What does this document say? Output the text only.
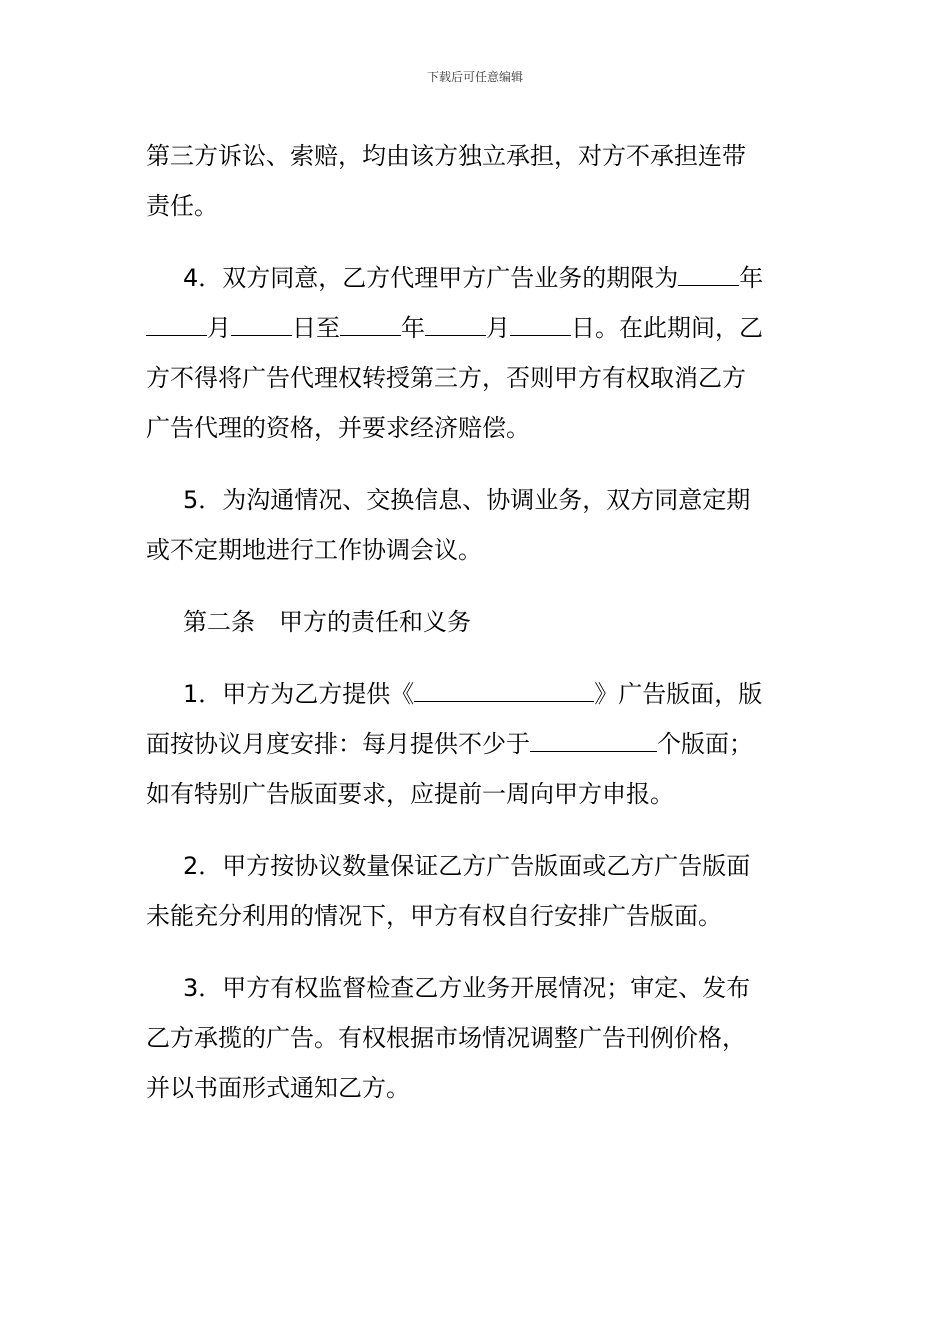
下载后可任意编辑
第三方诉讼、索赔，均由该方独立承担，对方不承担连带
责任。
4．双方同意，乙方代理甲方广告业务的期限为	年
月	日至	年	月	日。在此期间，乙
方不得将广告代理权转授第三方，否则甲方有权取消乙方
广告代理的资格，并要求经济赔偿。
5．为沟通情况、交换信息、协调业务，双方同意定期
或不定期地进行工作协调会议。
第二条　甲方的责任和义务
1．甲方为乙方提供《	》广告版面，版
面按协议月度安排：每月提供不少于	个版面；
如有特别广告版面要求，应提前一周向甲方申报。
2．甲方按协议数量保证乙方广告版面或乙方广告版面
未能充分利用的情况下，甲方有权自行安排广告版面。
3．甲方有权监督检查乙方业务开展情况；审定、发布
乙方承揽的广告。有权根据市场情况调整广告刊例价格，
并以书面形式通知乙方。
